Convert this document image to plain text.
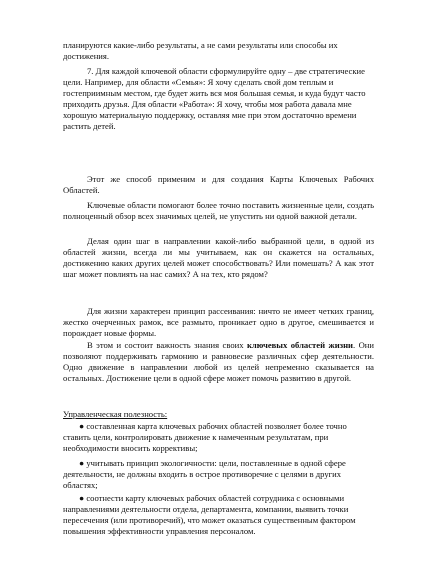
планируются какие-либо результаты, а не сами результаты или способы их достижения.

7. Для каждой ключевой области сформулируйте одну – две стратегические цели. Например, для области «Семья»: Я хочу сделать свой дом теплым и гостеприимным местом, где будет жить вся моя большая семья, и куда будут часто приходить друзья. Для области «Работа»: Я хочу, чтобы моя работа давала мне хорошую материальную поддержку, оставляя мне при этом достаточно времени растить детей.

Этот же способ применим и для создания Карты Ключевых Рабочих Областей.

Ключевые области помогают более точно поставить жизненные цели, создать полноценный обзор всех значимых целей, не упустить ни одной важной детали.

Делая один шаг в направлении какой-либо выбранной цели, в одной из областей жизни, всегда ли мы учитываем, как он скажется на остальных, достижению каких других целей может способствовать? Или помешать? А как этот шаг может повлиять на нас самих? А на тех, кто рядом?

Для жизни характерен принцип рассеивания: ничто не имеет четких границ, жестко очерченных рамок, все размыто, проникает одно в другое, смешивается и порождает новые формы.

В этом и состоит важность знания своих ключевых областей жизни. Они позволяют поддерживать гармонию и равновесие различных сфер деятельности. Одно движение в направлении любой из целей непременно сказывается на остальных. Достижение цели в одной сфере может помочь развитию в другой.

Управленческая полезность:

● составленная карта ключевых рабочих областей позволяет более точно ставить цели, контролировать движение к намеченным результатам, при необходимости вносить коррективы;

● учитывать принцип экологичности: цели, поставленные в одной сфере деятельности, не должны входить в острое противоречие с целями в других областях;

● соотнести карту ключевых рабочих областей сотрудника с основными направлениями деятельности отдела, департамента, компании, выявить точки пересечения (или противоречий), что может оказаться существенным фактором повышения эффективности управления персоналом.
